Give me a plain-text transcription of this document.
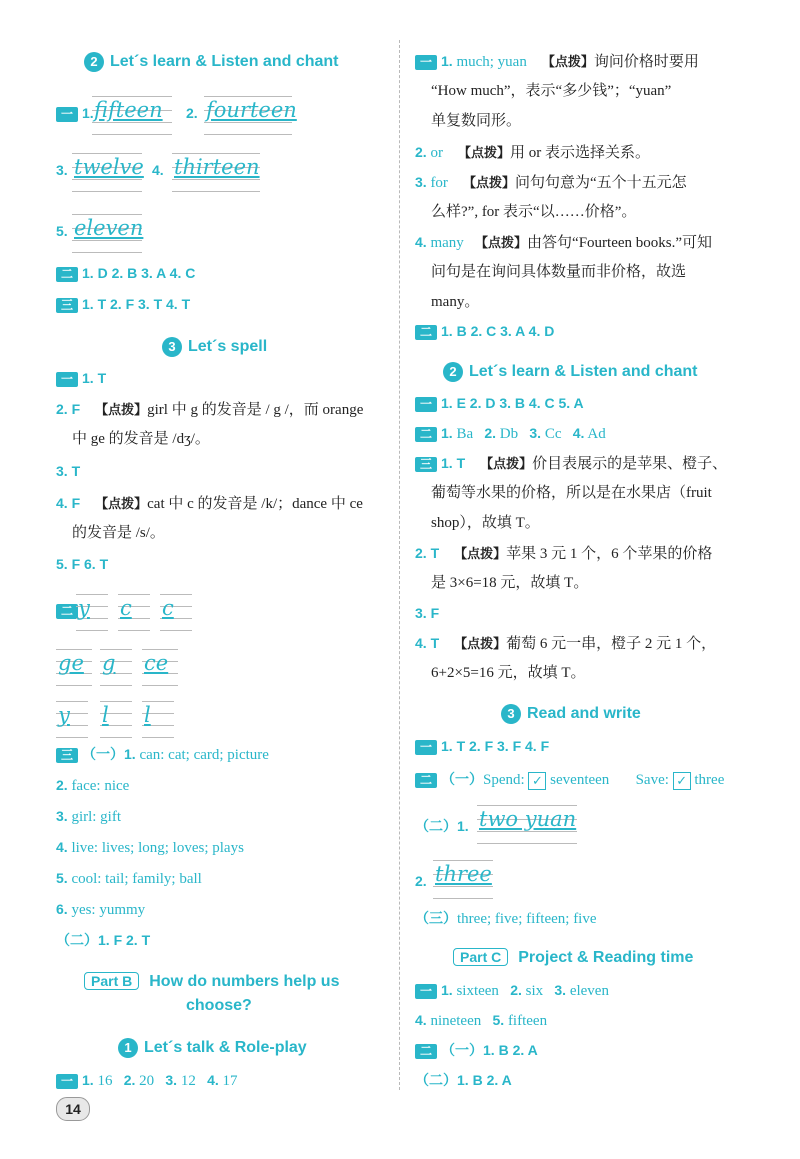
2 Let´s learn & Listen and chant
一 1. fifteen 2. fourteen
3. twelve 4. thirteen
5. eleven
二 1. D 2. B 3. A 4. C
三 1. T 2. F 3. T 4. T
3 Let´s spell
一 1. T
2. F 【点拨】girl 中 g 的发音是 / g /，而 orange
中 ge 的发音是 /dʒ/。
3. T
4. F 【点拨】cat 中 c 的发音是 /k/；dance 中 ce
的发音是 /s/。
5. F 6. T
二 y c c
ge g ce
y l l
三 （一）1. can: cat; card; picture
2. face: nice
3. girl: gift
4. live: lives; long; loves; plays
5. cool: tail; family; ball
6. yes: yummy
（二）1. F 2. T
Part B How do numbers help us
choose?
1 Let´s talk & Role-play
一 1. 16 2. 20 3. 12 4. 17
一 1. much; yuan 【点拨】询问价格时要用
“How much”，表示“多少钱”；“yuan”
单复数同形。
2. or 【点拨】用 or 表示选择关系。
3. for 【点拨】问句句意为“五个十五元怎
么样?”, for 表示“以……价格”。
4. many 【点拨】由答句“Fourteen books.”可知
问句是在询问具体数量而非价格，故选
many。
二 1. B 2. C 3. A 4. D
2 Let´s learn & Listen and chant
一 1. E 2. D 3. B 4. C 5. A
二 1. Ba 2. Db 3. Cc 4. Ad
三 1. T 【点拨】价目表展示的是苹果、橙子、
葡萄等水果的价格，所以是在水果店（fruit
shop），故填 T。
2. T 【点拨】苹果 3 元 1 个，6 个苹果的价格
是 3×6=18 元，故填 T。
3. F
4. T 【点拨】葡萄 6 元一串，橙子 2 元 1 个，
6+2×5=16 元，故填 T。
3 Read and write
一 1. T 2. F 3. F 4. F
二 （一）Spend: ✓ seventeen Save: ✓ three
（二）1. two yuan
2. three
（三）three; five; fifteen; five
Part C Project & Reading time
一 1. sixteen 2. six 3. eleven
4. nineteen 5. fifteen
二 （一）1. B 2. A
（二）1. B 2. A
14
